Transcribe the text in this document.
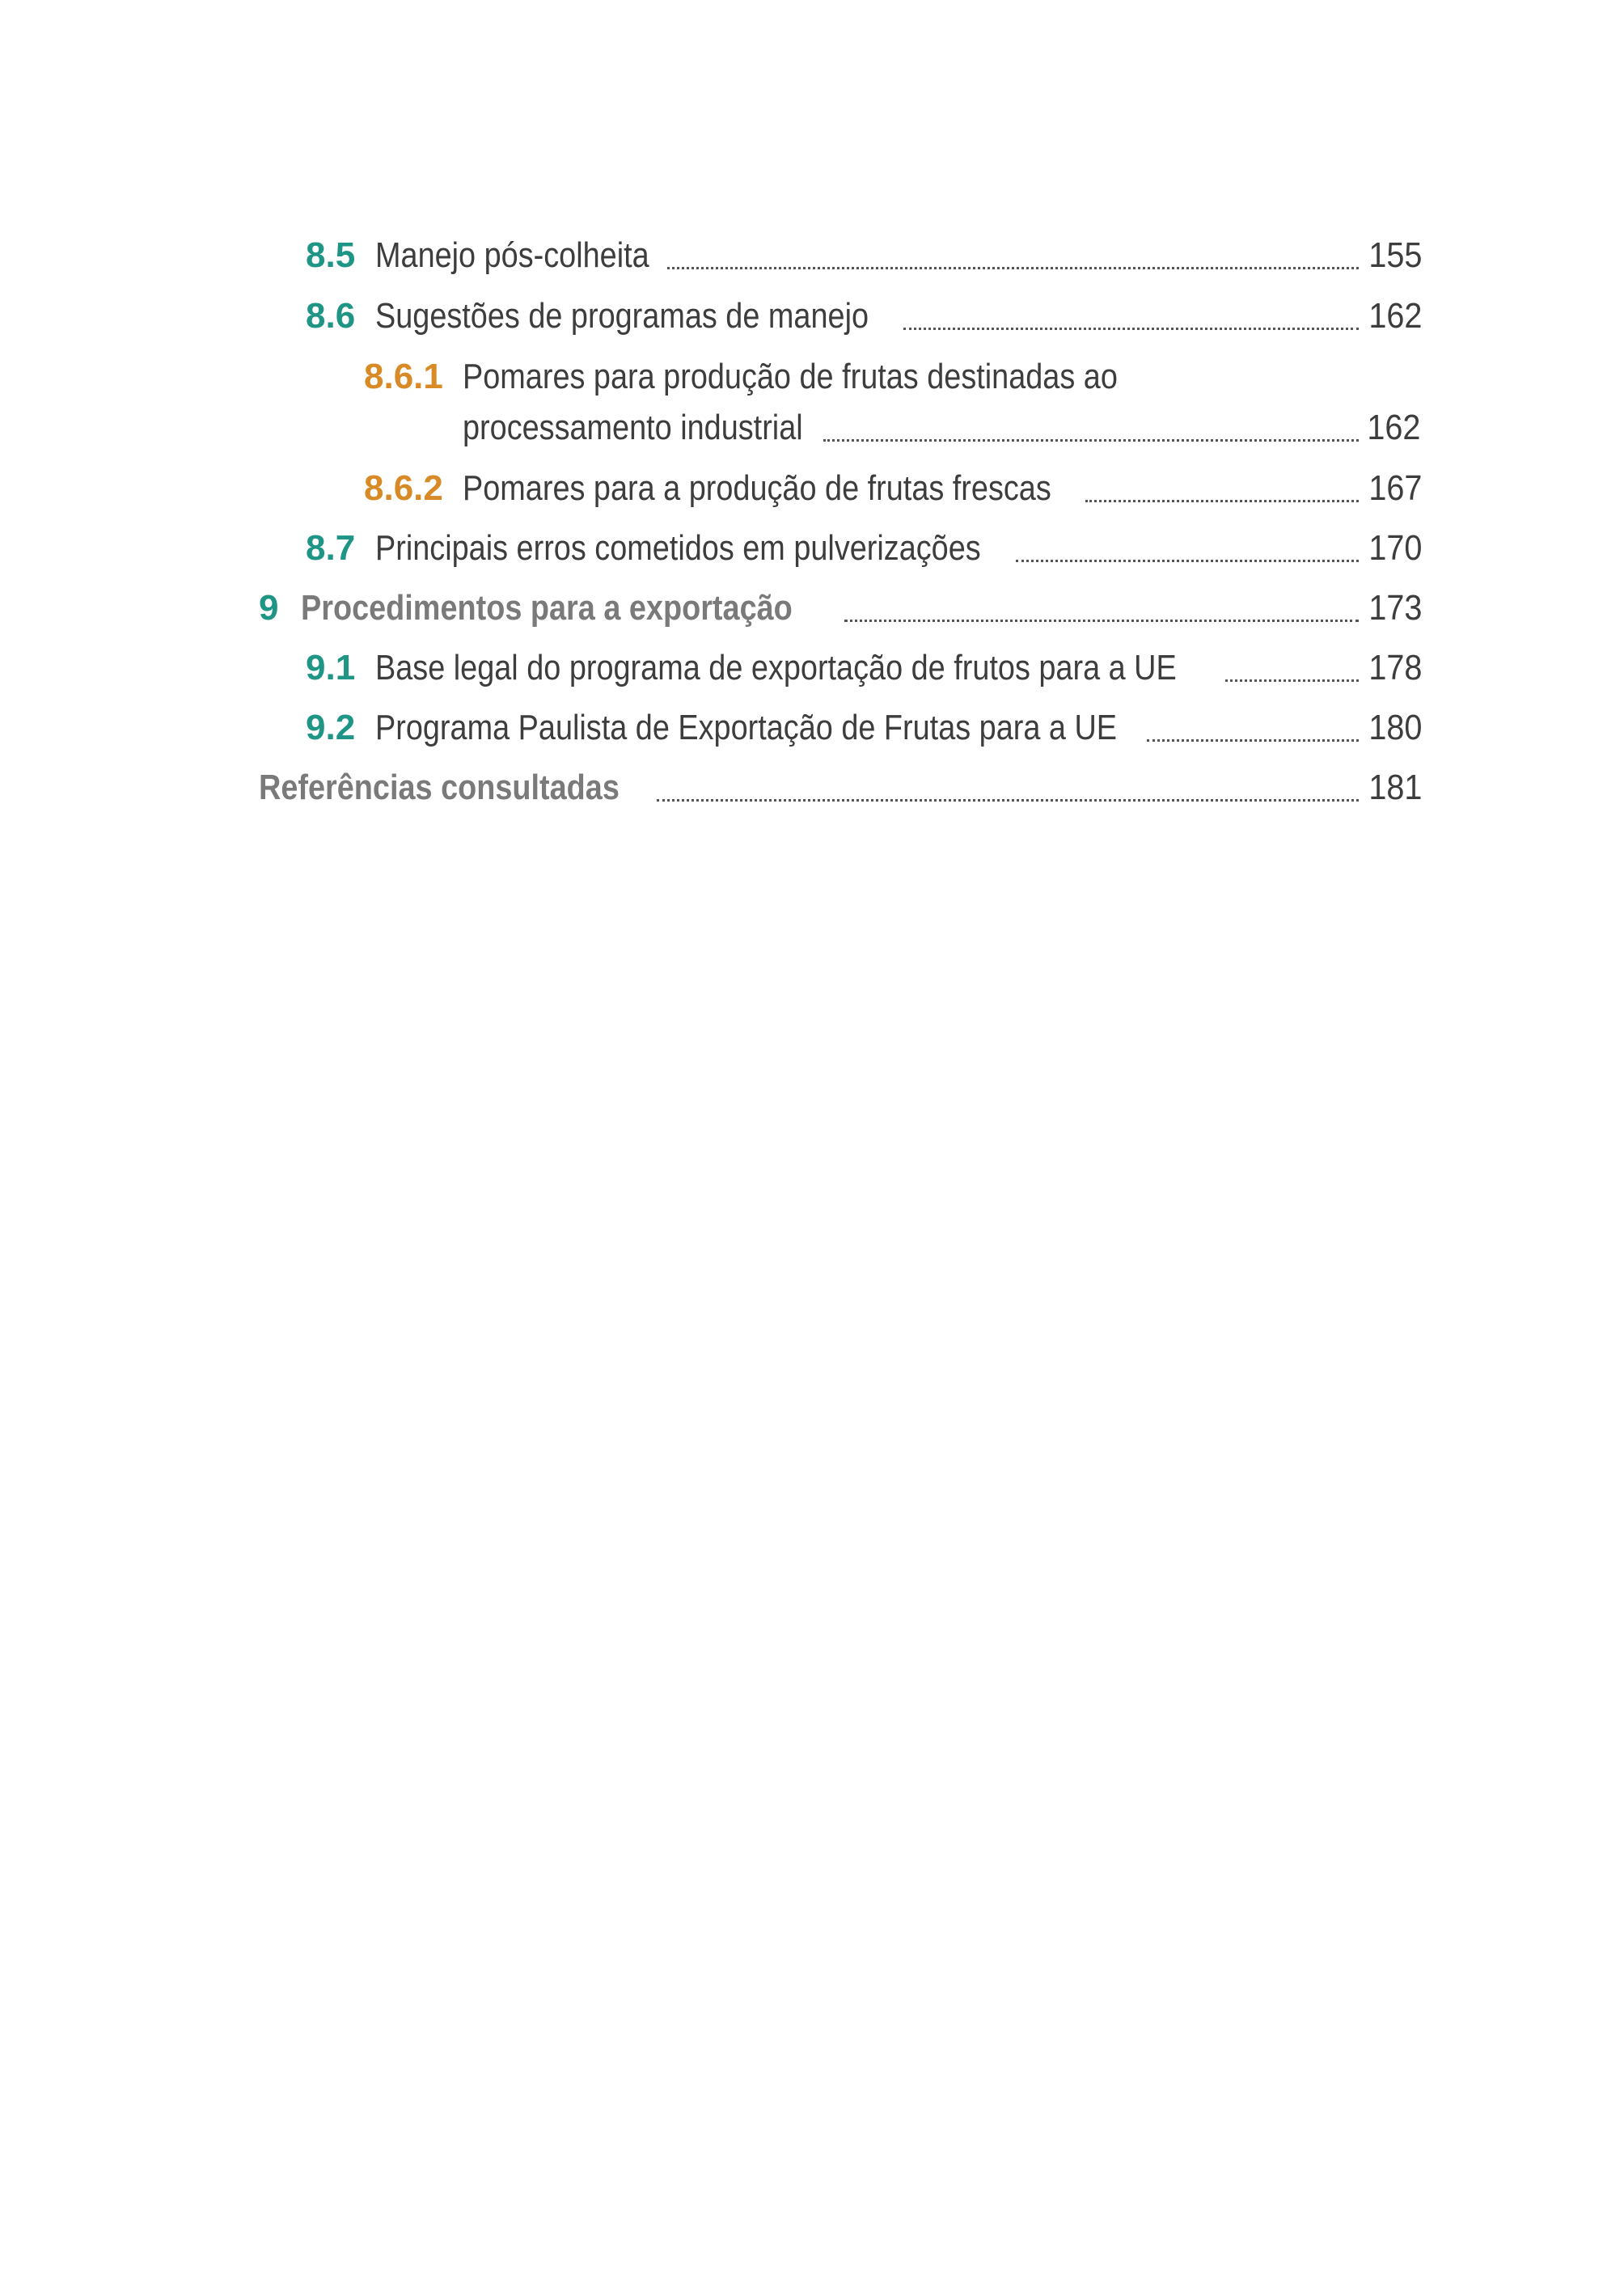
8.5 Manejo pós-colheita	155
8.6 Sugestões de programas de manejo	162
8.6.1 Pomares para produção de frutas destinadas ao
processamento industrial	162
8.6.2 Pomares para a produção de frutas frescas	167
8.7 Principais erros cometidos em pulverizações	170
9 Procedimentos para a exportação	173
9.1 Base legal do programa de exportação de frutos para a UE	178
9.2 Programa Paulista de Exportação de Frutas para a UE	180
Referências consultadas	181
